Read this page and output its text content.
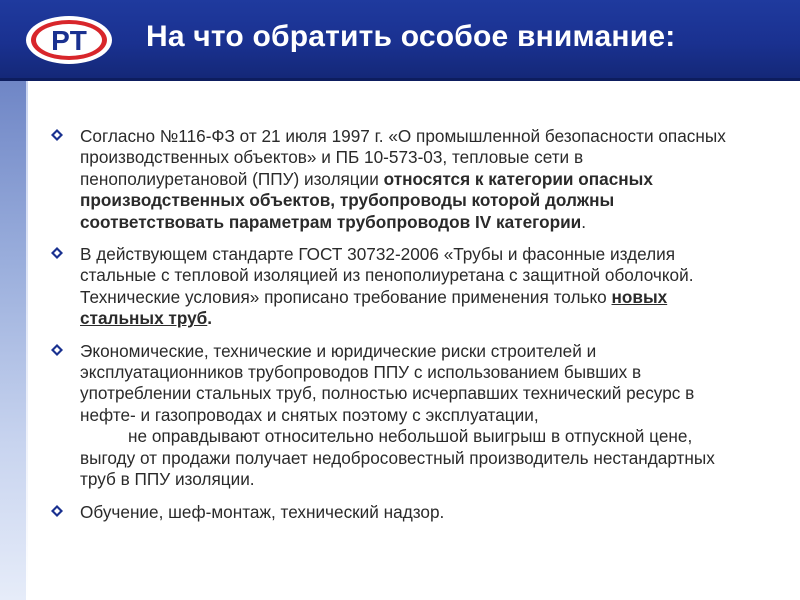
PT На что обратить особое внимание:
Согласно №116-ФЗ от 21 июля 1997 г. «О промышленной безопасности опасных производственных объектов» и ПБ 10-573-03, тепловые сети в пенополиуретановой (ППУ) изоляции относятся к категории опасных производственных объектов, трубопроводы которой должны соответствовать параметрам трубопроводов IV категории.
В действующем стандарте ГОСТ 30732-2006 «Трубы и фасонные изделия стальные с тепловой изоляцией из пенополиуретана с защитной оболочкой. Технические условия» прописано требование применения только новых стальных труб.
Экономические, технические и юридические риски строителей и эксплуатационников трубопроводов ППУ с использованием бывших в употреблении стальных труб, полностью исчерпавших технический ресурс в нефте- и газопроводах и снятых поэтому с эксплуатации,
не оправдывают относительно небольшой выигрыш в отпускной цене, выгоду от продажи получает недобросовестный производитель нестандартных труб в ППУ изоляции.
Обучение, шеф-монтаж, технический надзор.
